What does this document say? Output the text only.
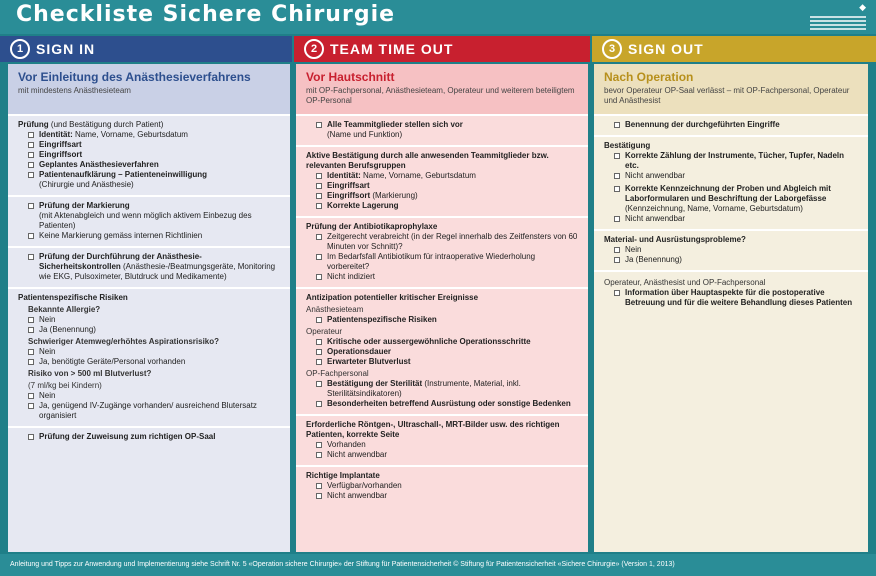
Checkliste Sichere Chirurgie	◆
1 SIGN IN	2 TEAM TIME OUT	3 SIGN OUT
Vor Einleitung des Anästhesieverfahrens
mit mindestens Anästhesieteam
Prüfung (und Bestätigung durch Patient)
Identität: Name, Vorname, Geburtsdatum
Eingriffsart
Eingriffsort
Geplantes Anästhesieverfahren
Patientenaufklärung – Patienteneinwilligung
(Chirurgie und Anästhesie)
Prüfung der Markierung
(mit Aktenabgleich und wenn möglich aktivem Einbezug des Patienten)
Keine Markierung gemäss internen Richtlinien
Prüfung der Durchführung der Anästhesie-Sicherheitskontrollen (Anästhesie-/Beatmungsgeräte, Monitoring wie EKG, Pulsoximeter, Blutdruck und Medikamente)
Patientenspezifische Risiken
Bekannte Allergie?
Nein
Ja (Benennung)
Schwieriger Atemweg/erhöhtes Aspirationsrisiko?
Nein
Ja, benötigte Geräte/Personal vorhanden
Risiko von > 500 ml Blutverlust?
(7 ml/kg bei Kindern)
Nein
Ja, genügend IV-Zugänge vorhanden/ ausreichend Blutersatz organisiert
Prüfung der Zuweisung zum richtigen OP-Saal
Vor Hautschnitt
mit OP-Fachpersonal, Anästhesieteam, Operateur und weiterem beteiligtem OP-Personal
Alle Teammitglieder stellen sich vor
(Name und Funktion)
Aktive Bestätigung durch alle anwesenden Teammitglieder bzw. relevanten Berufsgruppen
Identität: Name, Vorname, Geburtsdatum
Eingriffsart
Eingriffsort (Markierung)
Korrekte Lagerung
Prüfung der Antibiotikaprophylaxe
Zeitgerecht verabreicht (in der Regel innerhalb des Zeitfensters von 60 Minuten vor Schnitt)?
Im Bedarfsfall Antibiotikum für intraoperative Wiederholung vorbereitet?
Nicht indiziert
Antizipation potentieller kritischer Ereignisse
Anästhesieteam
Patientenspezifische Risiken
Operateur
Kritische oder aussergewöhnliche Operationsschritte
Operationsdauer
Erwarteter Blutverlust
OP-Fachpersonal
Bestätigung der Sterilität (Instrumente, Material, inkl. Sterilitätsindikatoren)
Besonderheiten betreffend Ausrüstung oder sonstige Bedenken
Erforderliche Röntgen-, Ultraschall-, MRT-Bilder usw. des richtigen Patienten, korrekte Seite
Vorhanden
Nicht anwendbar
Richtige Implantate
Verfügbar/vorhanden
Nicht anwendbar
Nach Operation
bevor Operateur OP-Saal verlässt – mit OP-Fachpersonal, Operateur und Anästhesist
Benennung der durchgeführten Eingriffe
Bestätigung
Korrekte Zählung der Instrumente, Tücher, Tupfer, Nadeln etc.
Nicht anwendbar
Korrekte Kennzeichnung der Proben und Abgleich mit Laborformularen und Beschriftung der Laborgefässe
(Kennzeichnung, Name, Vorname, Geburtsdatum)
Nicht anwendbar
Material- und Ausrüstungsprobleme?
Nein
Ja (Benennung)
Operateur, Anästhesist und OP-Fachpersonal
Information über Hauptaspekte für die postoperative Betreuung und für die weitere Behandlung dieses Patienten
Anleitung und Tipps zur Anwendung und Implementierung siehe Schrift Nr. 5 «Operation sichere Chirurgie» der Stiftung für Patientensicherheit © Stiftung für Patientensicherheit «Sichere Chirurgie» (Version 1, 2013)
